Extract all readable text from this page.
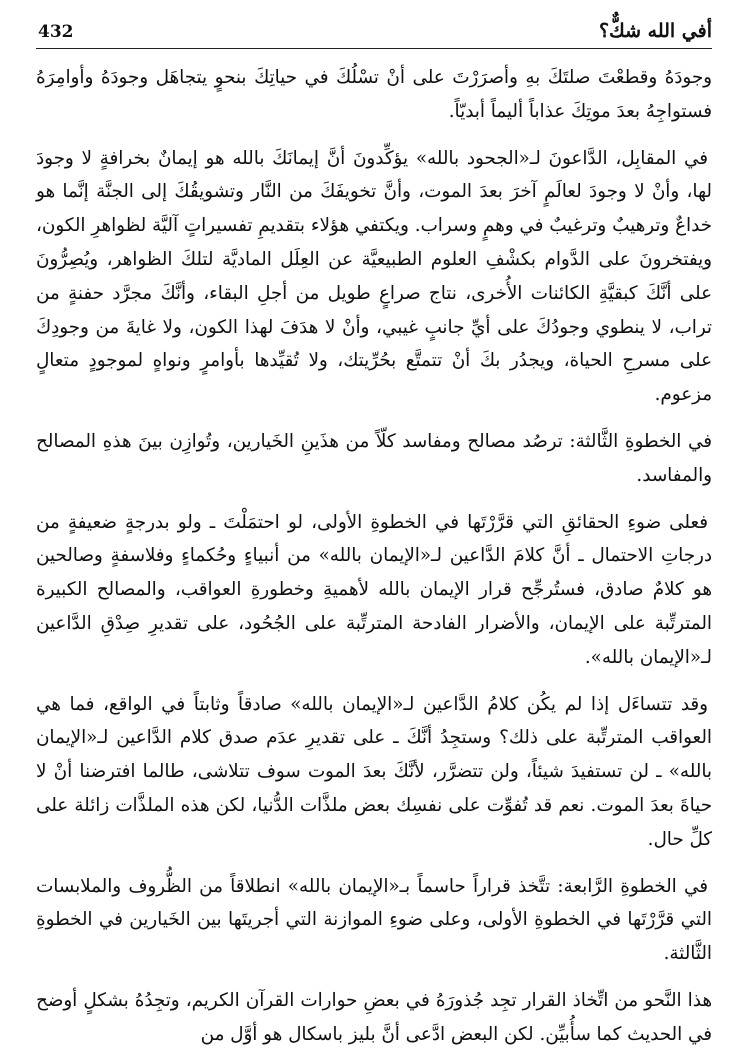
أفي الله شكٌّ؟
432

وجودَهُ وقطعْتَ صلتَكَ بهِ وأصرَرْتَ على أنْ تسْلُكَ في حياتِكَ بنحوٍ يتجاهَل وجودَهُ وأوامِرَهُ فستواجِهُ بعدَ موتِكَ عذاباً أليماً أبديّاً.

في المقابِل، الدَّاعونَ لـ«الجحود بالله» يؤكِّدونَ أنَّ إيمانَكَ بالله هو إيمانٌ بخرافةٍ لا وجودَ لها، وأنْ لا وجودَ لعالَمٍ آخرَ بعدَ الموت، وأنَّ تخويفَكَ من النَّار وتشويقُكَ إلى الجنَّة إنَّما هو خداعٌ وترهيبٌ وترغيبٌ في وهمٍ وسراب. ويكتفي هؤلاء بتقديمِ تفسيراتٍ آليَّة لظواهرِ الكون، ويفتخرونَ على الدَّوام بكشْفِ العلوم الطبيعيَّة عن العِلَل الماديَّة لتلكَ الظواهر، ويُصِرُّونَ على أنَّكَ كبقيَّةِ الكائنات الأُخرى، نتاج صراعٍ طويل من أجلِ البقاء، وأنَّكَ مجرَّد حفنةٍ من تراب، لا ينطوي وجودُكَ على أيِّ جانبٍ غيبي، وأنْ لا هدَفَ لهذا الكون، ولا غايةَ من وجودِكَ على مسرحِ الحياة، ويجدُر بكَ أنْ تتمتَّع بحُرِّيتك، ولا تُقيِّدها بأوامرٍ ونواهٍ لموجودٍ متعالٍ مزعوم.

في الخطوةِ الثَّالثة: ترصُد مصالح ومفاسد كلّاً من هذَينِ الخَيارين، وتُوازِن بينَ هذهِ المصالح والمفاسد.

فعلى ضوءِ الحقائقِ التي قرَّرْتَها في الخطوةِ الأولى، لو احتمَلْتَ ـ ولو بدرجةٍ ضعيفةٍ من درجاتِ الاحتمال ـ أنَّ كلامَ الدَّاعين لـ«الإيمان بالله» من أنبياءٍ وحُكماءٍ وفلاسفةٍ وصالحين هو كلامٌ صادق، فستُرجِّح قرار الإيمان بالله لأهميةِ وخطورةِ العواقب، والمصالح الكبيرة المترتِّبة على الإيمان، والأضرار الفادحة المترتِّبة على الجُحُود، على تقديرِ صِدْقِ الدَّاعين لـ«الإيمان بالله».

وقد تتساءَل إذا لم يكُن كلامُ الدَّاعين لـ«الإيمان بالله» صادقاً وثابتاً في الواقع، فما هي العواقب المترتِّبة على ذلك؟ وستجِدُ أنَّكَ ـ على تقديرِ عدَم صدق كلام الدَّاعين لـ«الإيمان بالله» ـ لن تستفيدَ شيئاً، ولن تتضرَّر، لأنَّكَ بعدَ الموت سوف تتلاشى، طالما افترضنا أنْ لا حياةَ بعدَ الموت. نعم قد تُفوِّت على نفسِك بعض ملذَّات الدُّنيا، لكن هذه الملذَّات زائلة على كلِّ حال.

في الخطوةِ الرَّابعة: تتَّخذ قراراً حاسماً بـ«الإيمان بالله» انطلاقاً من الظُّروف والملابسات التي قرَّرْتَها في الخطوةِ الأولى، وعلى ضوءِ الموازنة التي أجريتَها بين الخَيارين في الخطوةِ الثَّالثة.

هذا النَّحو من اتِّخاذ القرار تجِد جُذورَهُ في بعضِ حوارات القرآن الكريم، وتجِدُهُ بشكلٍ أوضح في الحديث كما سأُبيِّن. لكن البعض ادَّعى أنَّ بليز باسكال هو أوَّل من
